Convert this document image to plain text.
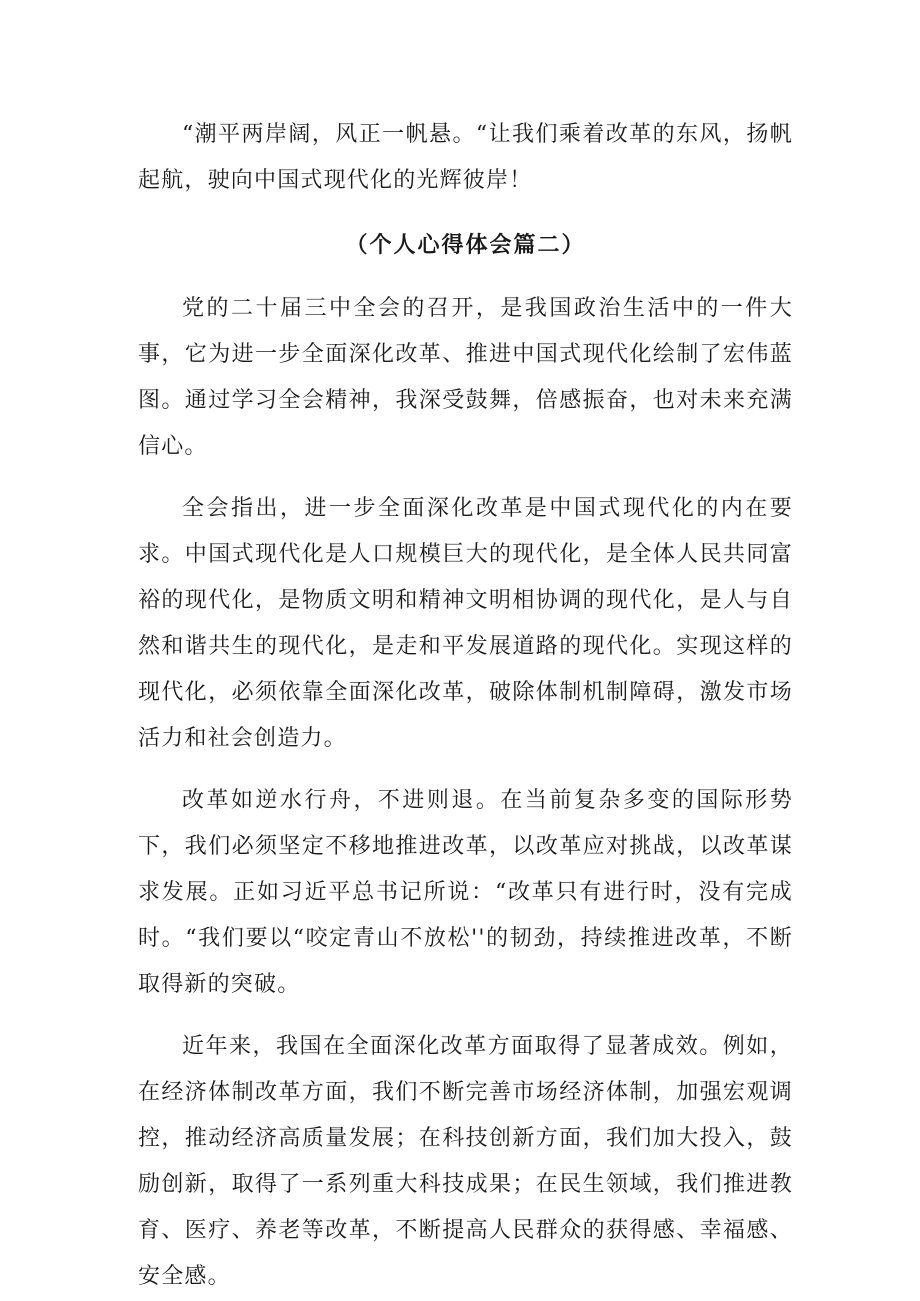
“潮平两岸阔，风正一帆悬。“让我们乘着改革的东风，扬帆起航，驶向中国式现代化的光辉彼岸！

（个人心得体会篇二）

党的二十届三中全会的召开，是我国政治生活中的一件大事，它为进一步全面深化改革、推进中国式现代化绘制了宏伟蓝图。通过学习全会精神，我深受鼓舞，倍感振奋，也对未来充满信心。

全会指出，进一步全面深化改革是中国式现代化的内在要求。中国式现代化是人口规模巨大的现代化，是全体人民共同富裕的现代化，是物质文明和精神文明相协调的现代化，是人与自然和谐共生的现代化，是走和平发展道路的现代化。实现这样的现代化，必须依靠全面深化改革，破除体制机制障碍，激发市场活力和社会创造力。

改革如逆水行舟，不进则退。在当前复杂多变的国际形势下，我们必须坚定不移地推进改革，以改革应对挑战，以改革谋求发展。正如习近平总书记所说：“改革只有进行时，没有完成时。“我们要以“咬定青山不放松''的韧劲，持续推进改革，不断取得新的突破。

近年来，我国在全面深化改革方面取得了显著成效。例如，在经济体制改革方面，我们不断完善市场经济体制，加强宏观调控，推动经济高质量发展；在科技创新方面，我们加大投入，鼓励创新，取得了一系列重大科技成果；在民生领域，我们推进教育、医疗、养老等改革，不断提高人民群众的获得感、幸福感、安全感。
